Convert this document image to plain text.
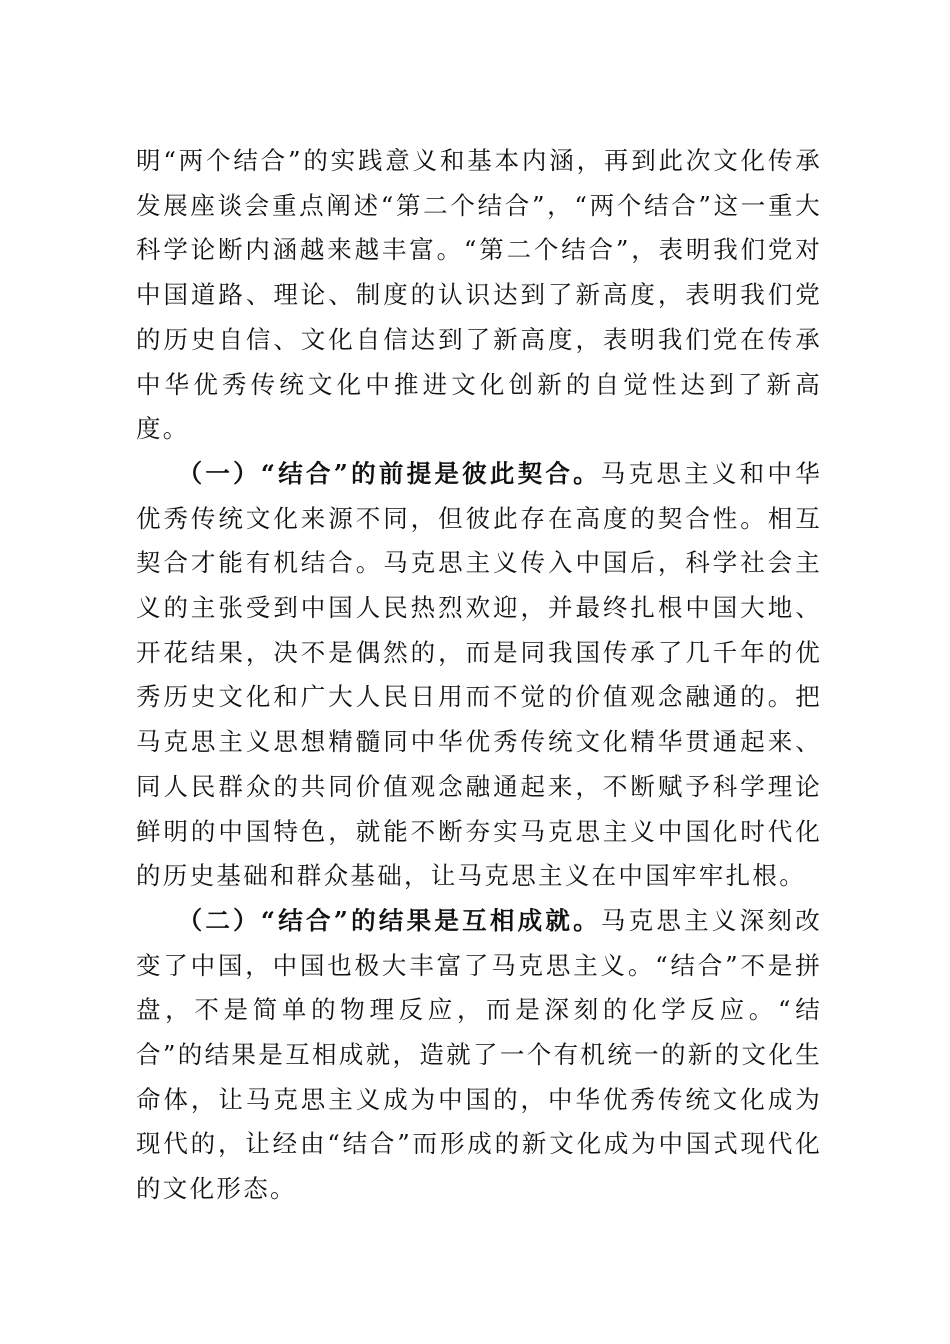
明“两个结合”的实践意义和基本内涵，再到此次文化传承发展座谈会重点阐述“第二个结合”，“两个结合”这一重大科学论断内涵越来越丰富。“第二个结合”，表明我们党对中国道路、理论、制度的认识达到了新高度，表明我们党的历史自信、文化自信达到了新高度，表明我们党在传承中华优秀传统文化中推进文化创新的自觉性达到了新高度。

（一）“结合”的前提是彼此契合。马克思主义和中华优秀传统文化来源不同，但彼此存在高度的契合性。相互契合才能有机结合。马克思主义传入中国后，科学社会主义的主张受到中国人民热烈欢迎，并最终扎根中国大地、开花结果，决不是偶然的，而是同我国传承了几千年的优秀历史文化和广大人民日用而不觉的价值观念融通的。把马克思主义思想精髓同中华优秀传统文化精华贯通起来、同人民群众的共同价值观念融通起来，不断赋予科学理论鲜明的中国特色，就能不断夯实马克思主义中国化时代化的历史基础和群众基础，让马克思主义在中国牢牢扎根。

（二）“结合”的结果是互相成就。马克思主义深刻改变了中国，中国也极大丰富了马克思主义。“结合”不是拼盘，不是简单的物理反应，而是深刻的化学反应。“结合”的结果是互相成就，造就了一个有机统一的新的文化生命体，让马克思主义成为中国的，中华优秀传统文化成为现代的，让经由“结合”而形成的新文化成为中国式现代化的文化形态。
